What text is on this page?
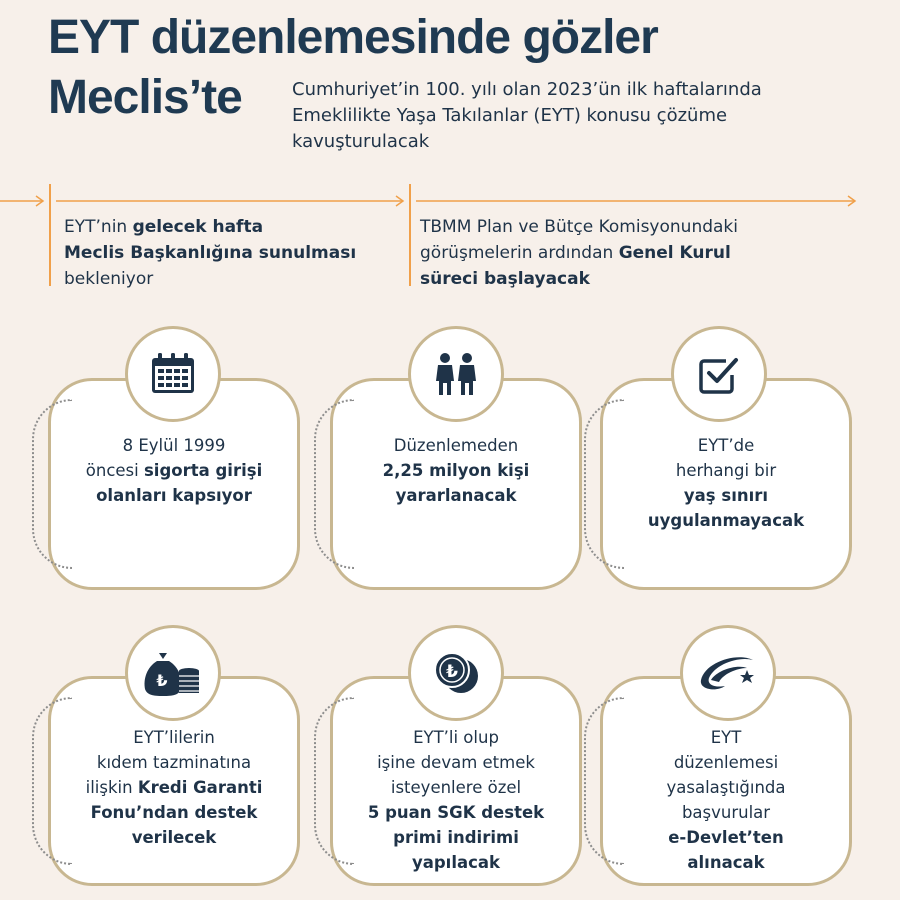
EYT düzenlemesinde gözler
Meclis’te	Cumhuriyet’in 100. yılı olan 2023’ün ilk haftalarında
Emeklilikte Yaşa Takılanlar (EYT) konusu çözüme
kavuşturulacak

EYT’nin gelecek hafta
Meclis Başkanlığına sunulması
bekleniyor

TBMM Plan ve Bütçe Komisyonundaki
görüşmelerin ardından Genel Kurul
süreci başlayacak

8 Eylül 1999
öncesi sigorta girişi
olanları kapsıyor
Düzenlemeden
2,25 milyon kişi
yararlanacak
EYT’de
herhangi bir
yaş sınırı
uygulanmayacak
EYT’lilerin
kıdem tazminatına
ilişkin Kredi Garanti
Fonu’ndan destek
verilecek
₺
EYT’li olup
işine devam etmek
isteyenlere özel
5 puan SGK destek
primi indirimi
yapılacak
₺
EYT
düzenlemesi
yasalaştığında
başvurular
e-Devlet’ten
alınacak
